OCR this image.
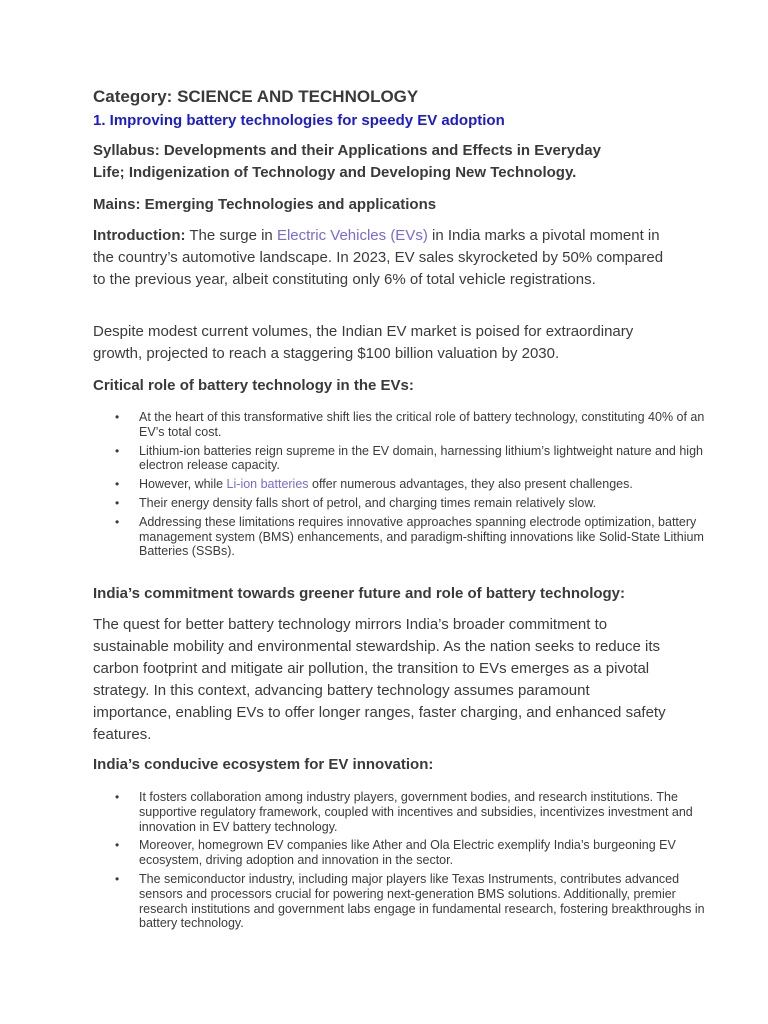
Category: SCIENCE AND TECHNOLOGY
1. Improving battery technologies for speedy EV adoption

Syllabus: Developments and their Applications and Effects in Everyday
Life; Indigenization of Technology and Developing New Technology.

Mains: Emerging Technologies and applications

Introduction: The surge in Electric Vehicles (EVs) in India marks a pivotal moment in the country’s automotive landscape. In 2023, EV sales skyrocketed by 50% compared to the previous year, albeit constituting only 6% of total vehicle registrations.

Despite modest current volumes, the Indian EV market is poised for extraordinary growth, projected to reach a staggering $100 billion valuation by 2030.

Critical role of battery technology in the EVs:
• At the heart of this transformative shift lies the critical role of battery technology, constituting 40% of an EV’s total cost.
• Lithium-ion batteries reign supreme in the EV domain, harnessing lithium’s lightweight nature and high electron release capacity.
• However, while Li-ion batteries offer numerous advantages, they also present challenges.
• Their energy density falls short of petrol, and charging times remain relatively slow.
• Addressing these limitations requires innovative approaches spanning electrode optimization, battery management system (BMS) enhancements, and paradigm-shifting innovations like Solid-State Lithium Batteries (SSBs).
India’s commitment towards greener future and role of battery technology:

The quest for better battery technology mirrors India’s broader commitment to sustainable mobility and environmental stewardship. As the nation seeks to reduce its carbon footprint and mitigate air pollution, the transition to EVs emerges as a pivotal strategy. In this context, advancing battery technology assumes paramount importance, enabling EVs to offer longer ranges, faster charging, and enhanced safety features.

India’s conducive ecosystem for EV innovation:
• It fosters collaboration among industry players, government bodies, and research institutions. The supportive regulatory framework, coupled with incentives and subsidies, incentivizes investment and innovation in EV battery technology.
• Moreover, homegrown EV companies like Ather and Ola Electric exemplify India’s burgeoning EV ecosystem, driving adoption and innovation in the sector.
• The semiconductor industry, including major players like Texas Instruments, contributes advanced sensors and processors crucial for powering next-generation BMS solutions. Additionally, premier research institutions and government labs engage in fundamental research, fostering breakthroughs in battery technology.
